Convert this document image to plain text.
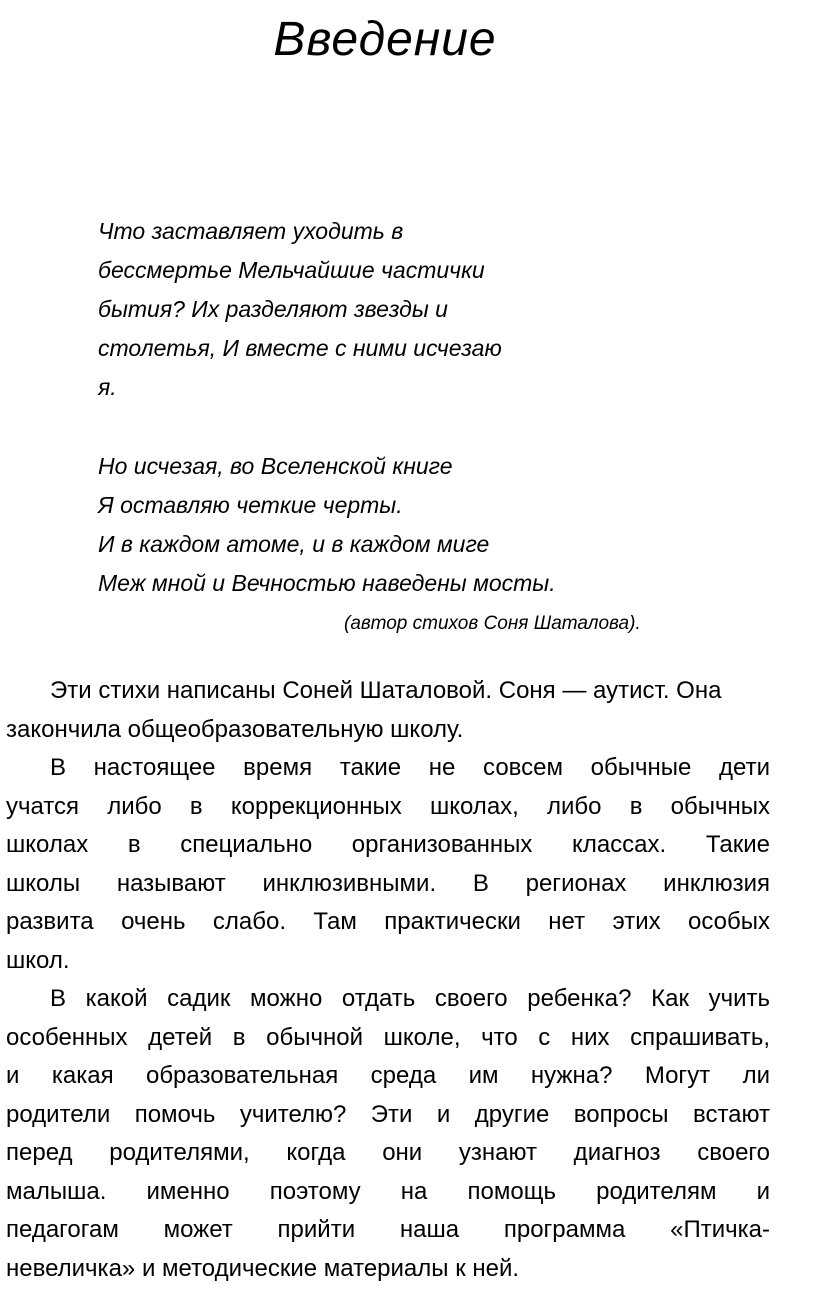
Введение
Что заставляет уходить в
бессмертье Мельчайшие частички
бытия? Их разделяют звезды и
столетья, И вместе с ними исчезаю
я.
Но исчезая, во Вселенской книге
Я оставляю четкие черты.
И в каждом атоме, и в каждом миге
Меж мной и Вечностью наведены мосты.
(автор стихов Соня Шаталова).
Эти стихи написаны Соней Шаталовой. Соня — аутист. Она
закончила общеобразовательную школу.
В настоящее время такие не совсем обычные дети
учатся либо в коррекционных школах, либо в обычных
школах в специально организованных классах. Такие
школы называют инклюзивными. В регионах инклюзия
развита очень слабо. Там практически нет этих особых
школ.
В какой садик можно отдать своего ребенка? Как учить
особенных детей в обычной школе, что с них спрашивать,
и какая образовательная среда им нужна? Могут ли
родители помочь учителю? Эти и другие вопросы встают
перед родителями, когда они узнают диагноз своего
малыша. именно поэтому на помощь родителям и
педагогам может прийти наша программа «Птичка-
невеличка» и методические материалы к ней.
